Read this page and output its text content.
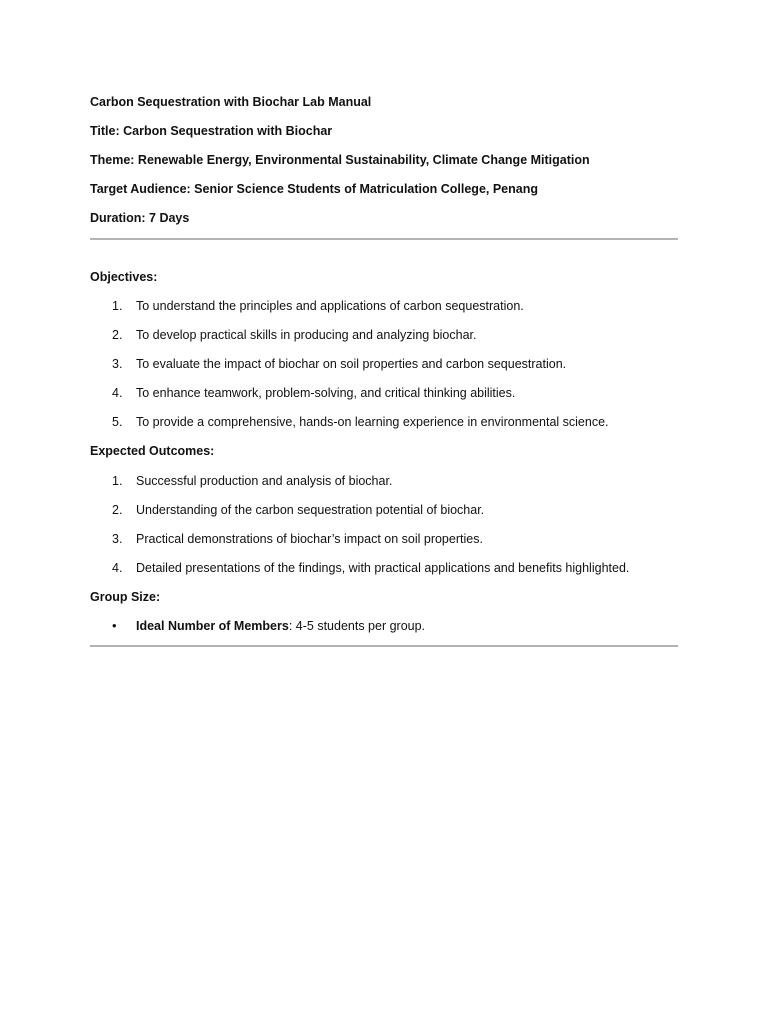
Carbon Sequestration with Biochar Lab Manual
Title: Carbon Sequestration with Biochar
Theme: Renewable Energy, Environmental Sustainability, Climate Change Mitigation
Target Audience: Senior Science Students of Matriculation College, Penang
Duration: 7 Days
Objectives:
1. To understand the principles and applications of carbon sequestration.
2. To develop practical skills in producing and analyzing biochar.
3. To evaluate the impact of biochar on soil properties and carbon sequestration.
4. To enhance teamwork, problem-solving, and critical thinking abilities.
5. To provide a comprehensive, hands-on learning experience in environmental science.
Expected Outcomes:
1. Successful production and analysis of biochar.
2. Understanding of the carbon sequestration potential of biochar.
3. Practical demonstrations of biochar’s impact on soil properties.
4. Detailed presentations of the findings, with practical applications and benefits highlighted.
Group Size:
• Ideal Number of Members: 4-5 students per group.
